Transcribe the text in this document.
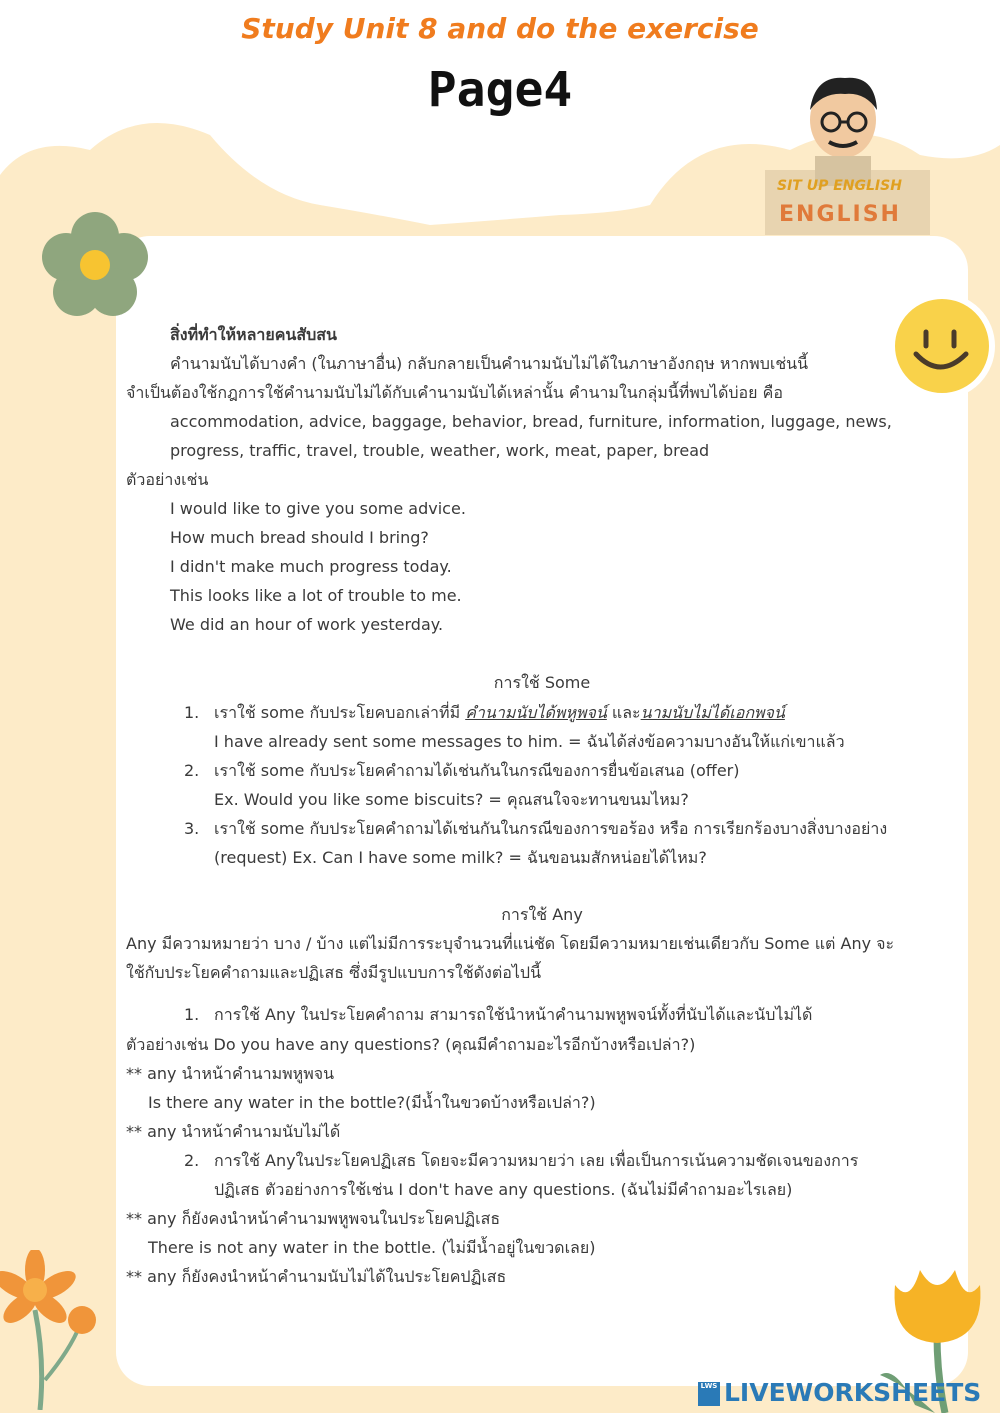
Study Unit 8 and do the exercise
Page4
SIT UP ENGLISH
ENGLISH
สิ่งที่ทำให้หลายคนสับสน
คำนามนับได้บางคำ (ในภาษาอื่น) กลับกลายเป็นคำนามนับไม่ได้ในภาษาอังกฤษ หากพบเช่นนี้
จำเป็นต้องใช้กฎการใช้คำนามนับไม่ได้กับเคำนามนับได้เหล่านั้น คำนามในกลุ่มนี้ที่พบได้บ่อย คือ
accommodation, advice, baggage, behavior, bread, furniture, information, luggage, news,
progress, traffic, travel, trouble, weather, work, meat, paper, bread
ตัวอย่างเช่น
I would like to give you some advice.
How much bread should I bring?
I didn't make much progress today.
This looks like a lot of trouble to me.
We did an hour of work yesterday.
การใช้ Some
1. เราใช้ some กับประโยคบอกเล่าที่มี คำนามนับได้พหูพจน์ และนามนับไม่ได้เอกพจน์
I have already sent some messages to him. = ฉันได้ส่งข้อความบางอันให้แก่เขาแล้ว
2. เราใช้ some กับประโยคคำถามได้เช่นกันในกรณีของการยื่นข้อเสนอ (offer)
Ex. Would you like some biscuits? = คุณสนใจจะทานขนมไหม?
3. เราใช้ some กับประโยคคำถามได้เช่นกันในกรณีของการขอร้อง หรือ การเรียกร้องบางสิ่งบางอย่าง
(request) Ex. Can I have some milk? = ฉันขอนมสักหน่อยได้ไหม?
การใช้ Any
Any มีความหมายว่า บาง / บ้าง แต่ไม่มีการระบุจำนวนที่แน่ชัด โดยมีความหมายเช่นเดียวกับ Some แต่ Any จะ
ใช้กับประโยคคำถามและปฏิเสธ ซึ่งมีรูปแบบการใช้ดังต่อไปนี้
1. การใช้ Any ในประโยคคำถาม สามารถใช้นำหน้าคำนามพหูพจน์ทั้งที่นับได้และนับไม่ได้
ตัวอย่างเช่น Do you have any questions? (คุณมีคำถามอะไรอีกบ้างหรือเปล่า?)
** any นำหน้าคำนามพหูพจน
Is there any water in the bottle?(มีน้ำในขวดบ้างหรือเปล่า?)
** any นำหน้าคำนามนับไม่ได้
2. การใช้ Anyในประโยคปฏิเสธ โดยจะมีความหมายว่า เลย เพื่อเป็นการเน้นความชัดเจนของการ
ปฏิเสธ ตัวอย่างการใช้เช่น I don't have any questions. (ฉันไม่มีคำถามอะไรเลย)
** any ก็ยังคงนำหน้าคำนามพหูพจนในประโยคปฏิเสธ
There is not any water in the bottle. (ไม่มีน้ำอยู่ในขวดเลย)
** any ก็ยังคงนำหน้าคำนามนับไม่ได้ในประโยคปฏิเสธ
LWS LIVEWORKSHEETS
